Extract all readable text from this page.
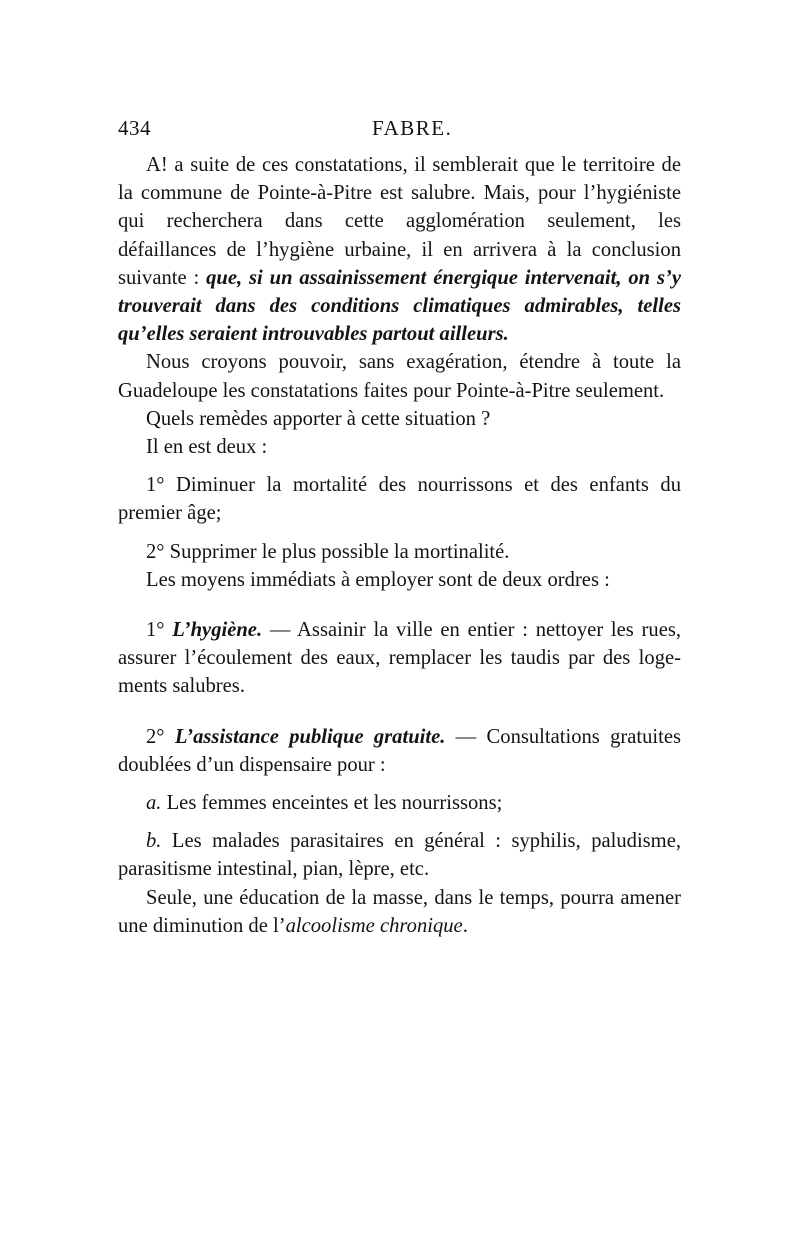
434	FABRE.

A! a suite de ces constatations, il semblerait que le territoire de la commune de Pointe-à-Pitre est salubre. Mais, pour l’hygiéniste qui recherchera dans cette agglomération seulement, les défaillances de l’hygiène urbaine, il en arrivera à la conclusion suivante : que, si un assainissement énergique intervenait, on s’y trouverait dans des conditions climatiques admirables, telles qu’elles seraient introuvables partout ailleurs.

Nous croyons pouvoir, sans exagération, étendre à toute la Guadeloupe les constatations faites pour Pointe-à-Pitre seulement.

Quels remèdes apporter à cette situation ?

Il en est deux :

1° Diminuer la mortalité des nourrissons et des enfants du premier âge;

2° Supprimer le plus possible la mortinalité.

Les moyens immédiats à employer sont de deux ordres :

1° L’hygiène. — Assainir la ville en entier : nettoyer les rues, assurer l’écoulement des eaux, remplacer les taudis par des logements salubres.

2° L’assistance publique gratuite. — Consultations gratuites doublées d’un dispensaire pour :

a. Les femmes enceintes et les nourrissons;

b. Les malades parasitaires en général : syphilis, paludisme, parasitisme intestinal, pian, lèpre, etc.

Seule, une éducation de la masse, dans le temps, pourra amener une diminution de l’alcoolisme chronique.
